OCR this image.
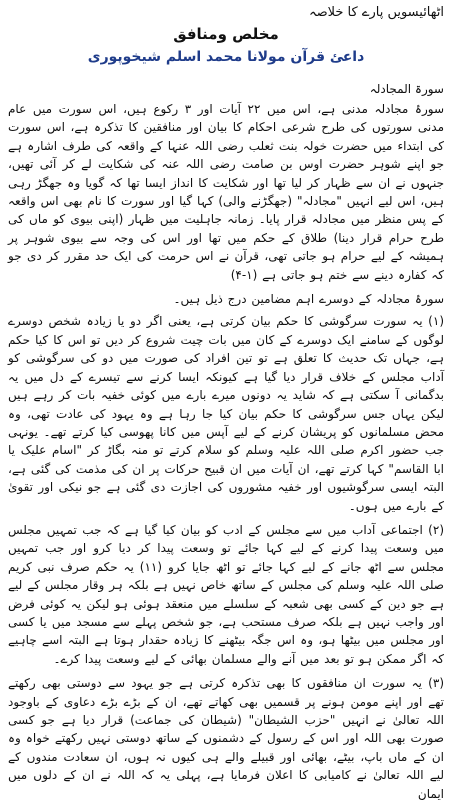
اٹھائیسویں پارے کا خلاصہ

مخلص ومنافق
داعئ قرآن مولانا محمد اسلم شیخوپوری

سورۃ المجادلہ

سورۂ مجادلہ مدنی ہے، اس میں ۲۲ آیات اور ۳ رکوع ہیں، اس سورت میں عام مدنی سورتوں کی طرح شرعی احکام کا بیان اور منافقین کا تذکرہ ہے، اس سورت کی ابتداء میں حضرت خولہ بنت ثعلب رضی اللہ عنہا کے واقعہ کی طرف اشارہ ہے جو اپنے شوہر حضرت اوس بن صامت رضی اللہ عنہ کی شکایت لے کر آئی تھیں، جنہوں نے ان سے ظہار کر لیا تھا اور شکایت کا انداز ایسا تھا کہ گویا وہ جھگڑ رہی ہیں، اس لیے انہیں "مجادلہ" (جھگڑنے والی) کہا گیا اور سورت کا نام بھی اس واقعہ کے پس منظر میں مجادلہ قرار پایا۔ زمانہ جاہلیت میں ظہار (اپنی بیوی کو ماں کی طرح حرام قرار دینا) طلاق کے حکم میں تھا اور اس کی وجہ سے بیوی شوہر پر ہمیشہ کے لیے حرام ہو جاتی تھی، قرآن نے اس حرمت کی ایک حد مقرر کر دی جو کہ کفارہ دینے سے ختم ہو جاتی ہے (۱-۴)

سورۂ مجادلہ کے دوسرے اہم مضامین درج ذیل ہیں۔

(۱) یہ سورت سرگوشی کا حکم بیان کرتی ہے، یعنی اگر دو یا زیادہ شخص دوسرے لوگوں کے سامنے ایک دوسرے کے کان میں بات چیت شروع کر دیں تو اس کا کیا حکم ہے، جہاں تک حدیث کا تعلق ہے تو تین افراد کی صورت میں دو کی سرگوشی کو آداب مجلس کے خلاف قرار دیا گیا ہے کیونکہ ایسا کرنے سے تیسرے کے دل میں یہ بدگمانی آ سکتی ہے کہ شاید یہ دونوں میرے بارے میں کوئی خفیہ بات کر رہے ہیں لیکن یہاں جس سرگوشی کا حکم بیان کیا جا رہا ہے وہ یہود کی عادت تھی، وہ محض مسلمانوں کو پریشان کرنے کے لیے آپس میں کانا پھوسی کیا کرتے تھے۔ یونہی جب حضور اکرم صلی اللہ علیہ وسلم کو سلام کرتے تو منہ بگاڑ کر "اسام علیک یا ابا القاسم" کہا کرتے تھے، ان آیات میں ان قبیح حرکات پر ان کی مذمت کی گئی ہے، البتہ ایسی سرگوشیوں اور خفیہ مشوروں کی اجازت دی گئی ہے جو نیکی اور تقویٰ کے بارے میں ہوں۔

(۲) اجتماعی آداب میں سے مجلس کے ادب کو بیان کیا گیا ہے کہ جب تمہیں مجلس میں وسعت پیدا کرنے کے لیے کہا جائے تو وسعت پیدا کر دیا کرو اور جب تمہیں مجلس سے اٹھ جانے کے لیے کہا جائے تو اٹھ جایا کرو (۱۱) یہ حکم صرف نبی کریم صلی اللہ علیہ وسلم کی مجلس کے ساتھ خاص نہیں ہے بلکہ ہر وقار مجلس کے لیے ہے جو دین کے کسی بھی شعبہ کے سلسلے میں منعقد ہوئی ہو لیکن یہ کوئی فرض اور واجب نہیں ہے بلکہ صرف مستحب ہے، جو شخص پہلے سے مسجد میں یا کسی اور مجلس میں بیٹھا ہو، وہ اس جگہ بیٹھنے کا زیادہ حقدار ہوتا ہے البتہ اسے چاہیے کہ اگر ممکن ہو تو بعد میں آنے والے مسلمان بھائی کے لیے وسعت پیدا کرے۔

(۳) یہ سورت ان منافقوں کا بھی تذکرہ کرتی ہے جو یہود سے دوستی بھی رکھتے تھے اور اپنے مومن ہونے پر قسمیں بھی کھاتے تھے، ان کے بڑے بڑے دعاوی کے باوجود اللہ تعالیٰ نے انہیں "حزب الشیطان" (شیطان کی جماعت) قرار دیا ہے جو کسی صورت بھی اللہ اور اس کے رسول کے دشمنوں کے ساتھ دوستی نہیں رکھتے خواہ وہ ان کے ماں باپ، بیٹے، بھائی اور قبیلے والے ہی کیوں نہ ہوں، ان سعادت مندوں کے لیے اللہ تعالیٰ نے کامیابی کا اعلان فرمایا ہے، پہلی یہ کہ اللہ نے ان کے دلوں میں ایمان
